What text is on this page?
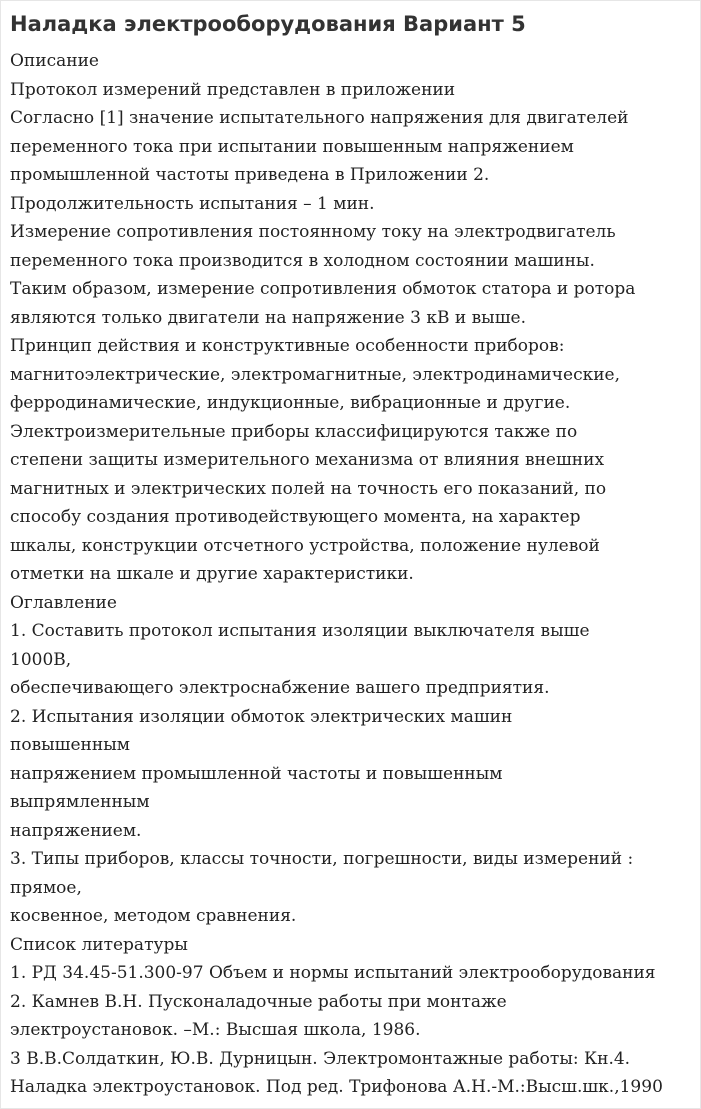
Наладка электрооборудования Вариант 5
Описание
Протокол измерений представлен в приложении
Согласно [1] значение испытательного напряжения для двигателей
переменного тока при испытании повышенным напряжением
промышленной частоты приведена в Приложении 2.
Продолжительность испытания – 1 мин.
Измерение сопротивления постоянному току на электродвигатель
переменного тока производится в холодном состоянии машины.
Таким образом, измерение сопротивления обмоток статора и ротора
являются только двигатели на напряжение 3 кВ и выше.
Принцип действия и конструктивные особенности приборов:
магнитоэлектрические, электромагнитные, электродинамические,
ферродинамические, индукционные, вибрационные и другие.
Электроизмерительные приборы классифицируются также по
степени защиты измерительного механизма от влияния внешних
магнитных и электрических полей на точность его показаний, по
способу создания противодействующего момента, на характер
шкалы, конструкции отсчетного устройства, положение нулевой
отметки на шкале и другие характеристики.
Оглавление
1. Составить протокол испытания изоляции выключателя выше
1000В,
обеспечивающего электроснабжение вашего предприятия.
2. Испытания изоляции обмоток электрических машин
повышенным
напряжением промышленной частоты и повышенным
выпрямленным
напряжением.
3. Типы приборов, классы точности, погрешности, виды измерений :
прямое,
косвенное, методом сравнения.
Список литературы
1. РД 34.45-51.300-97 Объем и нормы испытаний электрооборудования
2. Камнев В.Н. Пусконаладочные работы при монтаже
электроустановок. –М.: Высшая школа, 1986.
3 В.В.Солдаткин, Ю.В. Дурницын. Электромонтажные работы: Кн.4.
Наладка электроустановок. Под ред. Трифонова А.Н.-М.:Высш.шк.,1990
